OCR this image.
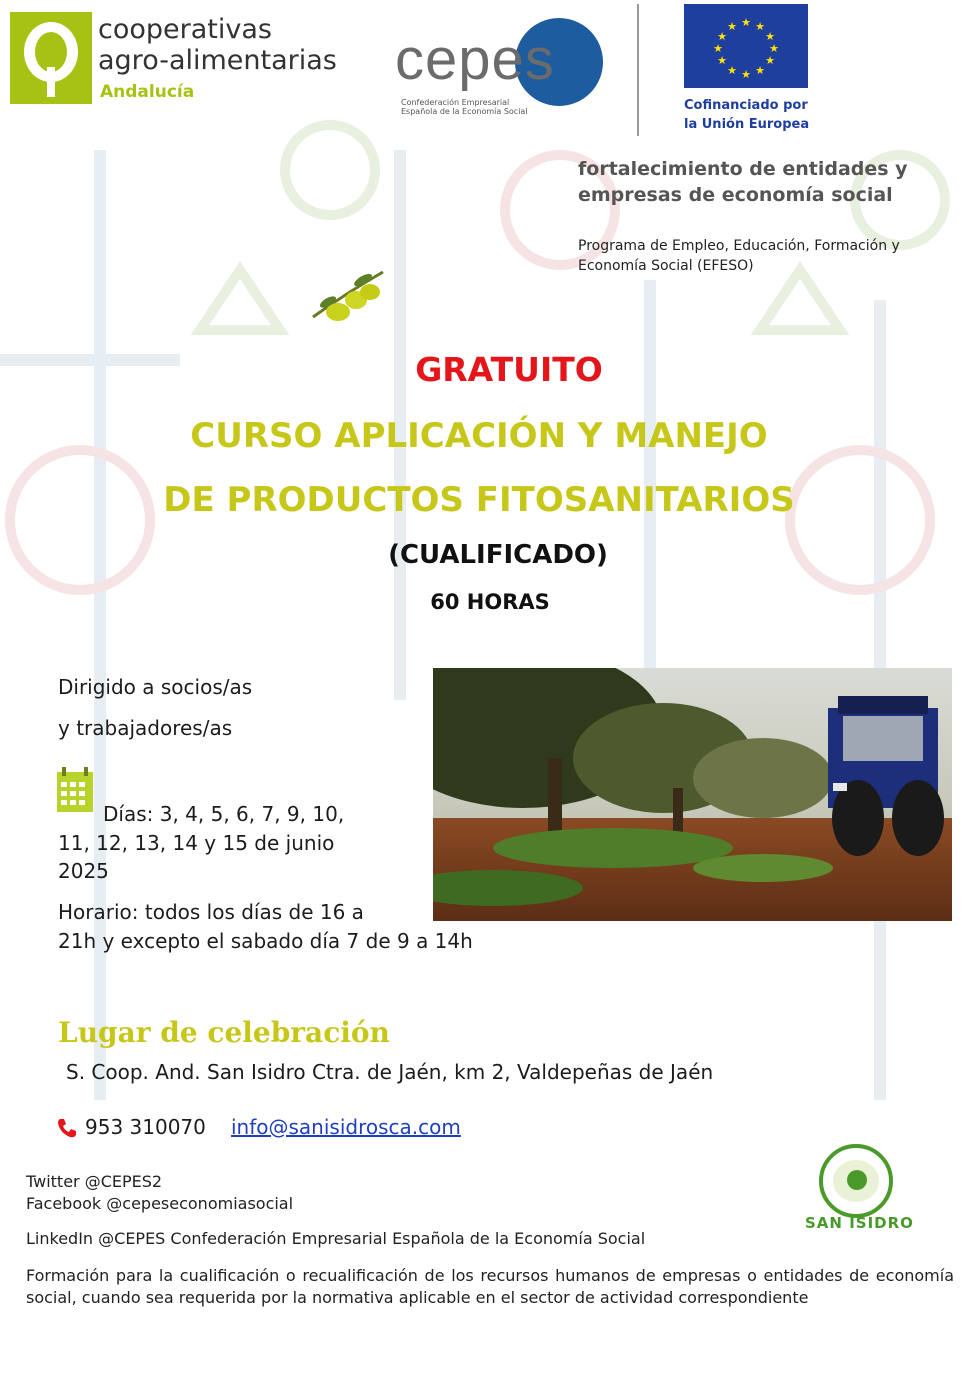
cooperativas
agro-alimentarias
Andalucía	cepes
Confederación Empresarial
Española de la Economía Social
★ ★
★
★
★
★
★
★
★
★
★
★
Cofinanciado por
la Unión Europea
fortalecimiento de entidades y
empresas de economía social
Programa de Empleo, Educación, Formación y
Economía Social (EFESO)
GRATUITO
CURSO APLICACIÓN Y MANEJO
DE PRODUCTOS FITOSANITARIOS
(CUALIFICADO)
60 HORAS
Dirigido a socios/as
y trabajadores/as
Días: 3, 4, 5, 6, 7, 9, 10,
11, 12, 13, 14 y 15 de junio
2025
Horario: todos los días de 16 a
21h y excepto el sabado día 7 de 9 a 14h
Lugar de celebración
S. Coop. And. San Isidro Ctra. de Jaén, km 2, Valdepeñas de Jaén
953 310070 info@sanisidrosca.com
Twitter @CEPES2
Facebook @cepeseconomiasocial
LinkedIn @CEPES Confederación Empresarial Española de la Economía Social
SAN ISIDRO
Formación para la cualificación o recualificación de los recursos humanos de empresas o entidades de economía social, cuando sea requerida por la normativa aplicable en el sector de actividad correspondiente
